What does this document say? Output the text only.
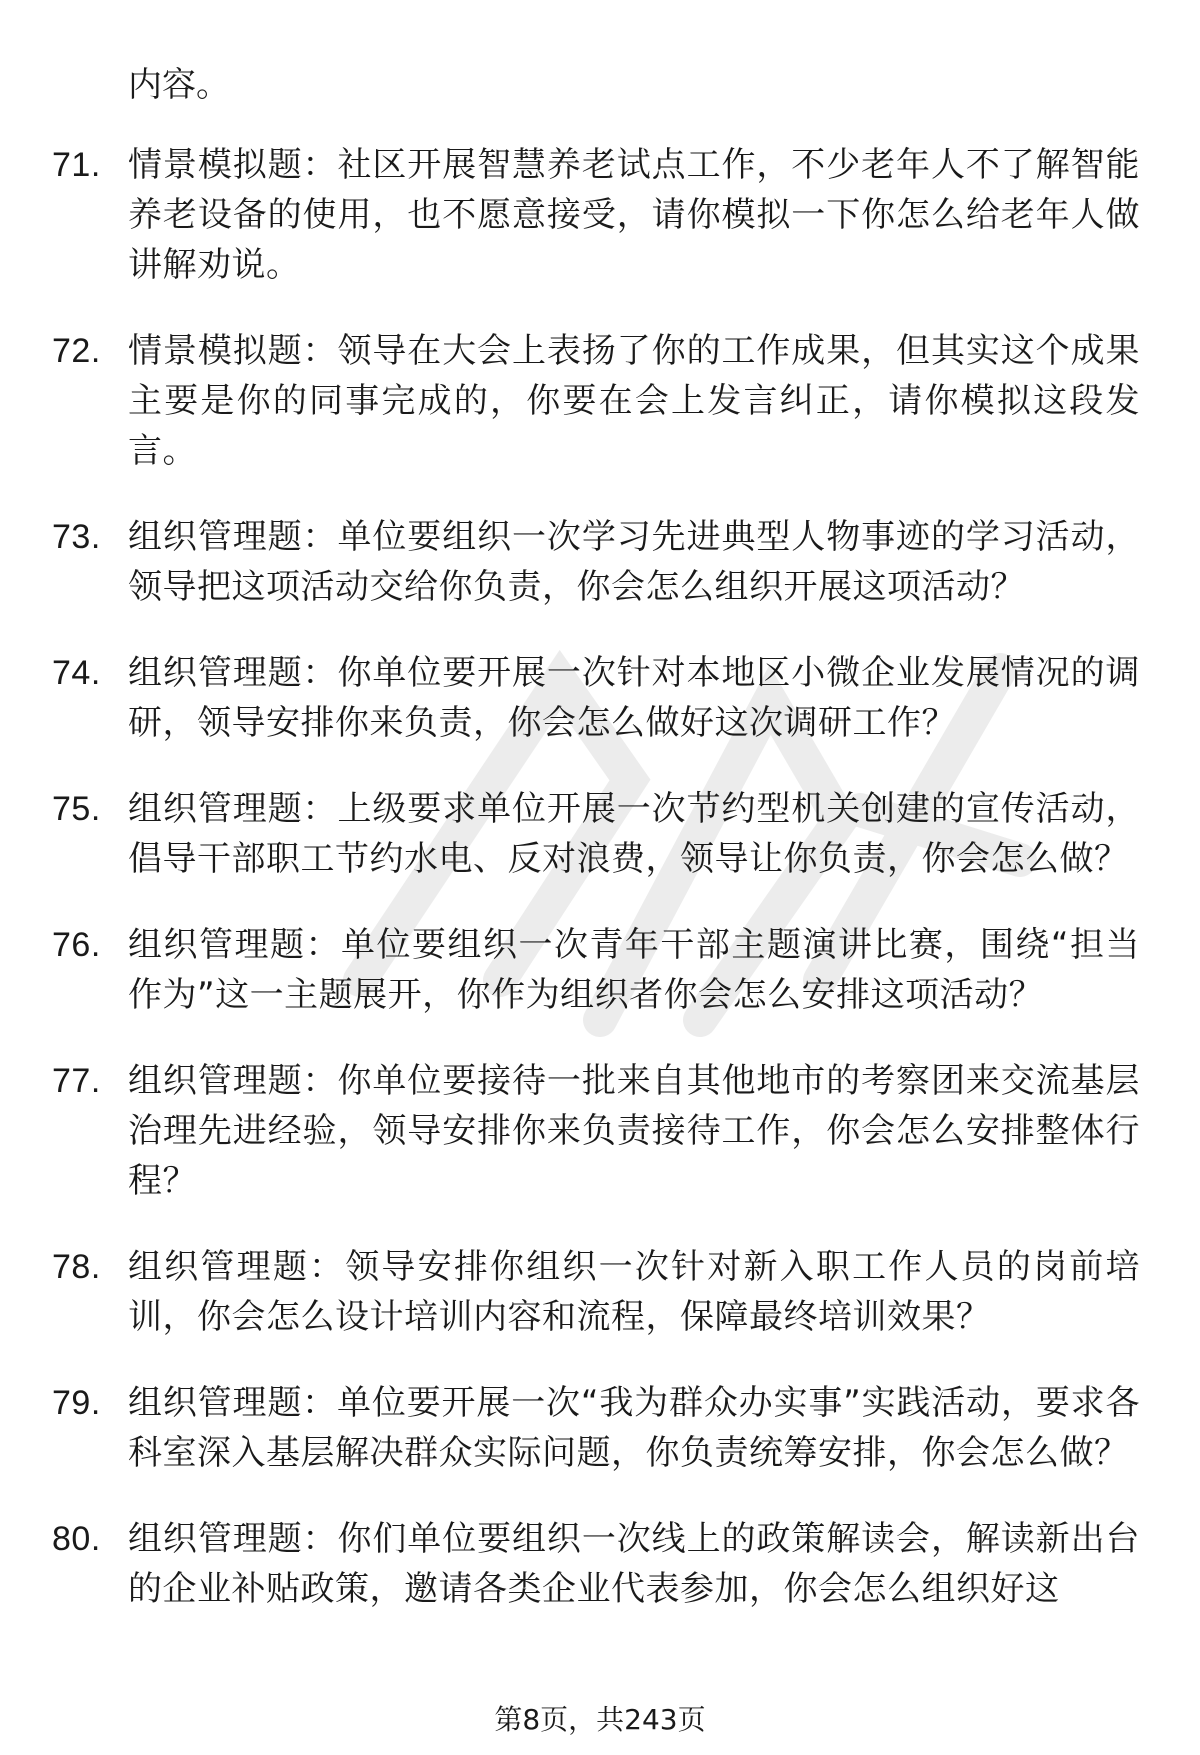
内容。

71. 情景模拟题：社区开展智慧养老试点工作，不少老年人不了解智能养老设备的使用，也不愿意接受，请你模拟一下你怎么给老年人做讲解劝说。
72. 情景模拟题：领导在大会上表扬了你的工作成果，但其实这个成果主要是你的同事完成的，你要在会上发言纠正，请你模拟这段发言。
73. 组织管理题：单位要组织一次学习先进典型人物事迹的学习活动，领导把这项活动交给你负责，你会怎么组织开展这项活动？
74. 组织管理题：你单位要开展一次针对本地区小微企业发展情况的调研，领导安排你来负责，你会怎么做好这次调研工作？
75. 组织管理题：上级要求单位开展一次节约型机关创建的宣传活动，倡导干部职工节约水电、反对浪费，领导让你负责，你会怎么做？
76. 组织管理题：单位要组织一次青年干部主题演讲比赛，围绕“担当作为”这一主题展开，你作为组织者你会怎么安排这项活动？
77. 组织管理题：你单位要接待一批来自其他地市的考察团来交流基层治理先进经验，领导安排你来负责接待工作，你会怎么安排整体行程？
78. 组织管理题：领导安排你组织一次针对新入职工作人员的岗前培训，你会怎么设计培训内容和流程，保障最终培训效果？
79. 组织管理题：单位要开展一次“我为群众办实事”实践活动，要求各科室深入基层解决群众实际问题，你负责统筹安排，你会怎么做？
80. 组织管理题：你们单位要组织一次线上的政策解读会，解读新出台的企业补贴政策，邀请各类企业代表参加，你会怎么组织好这
第8页，共243页
